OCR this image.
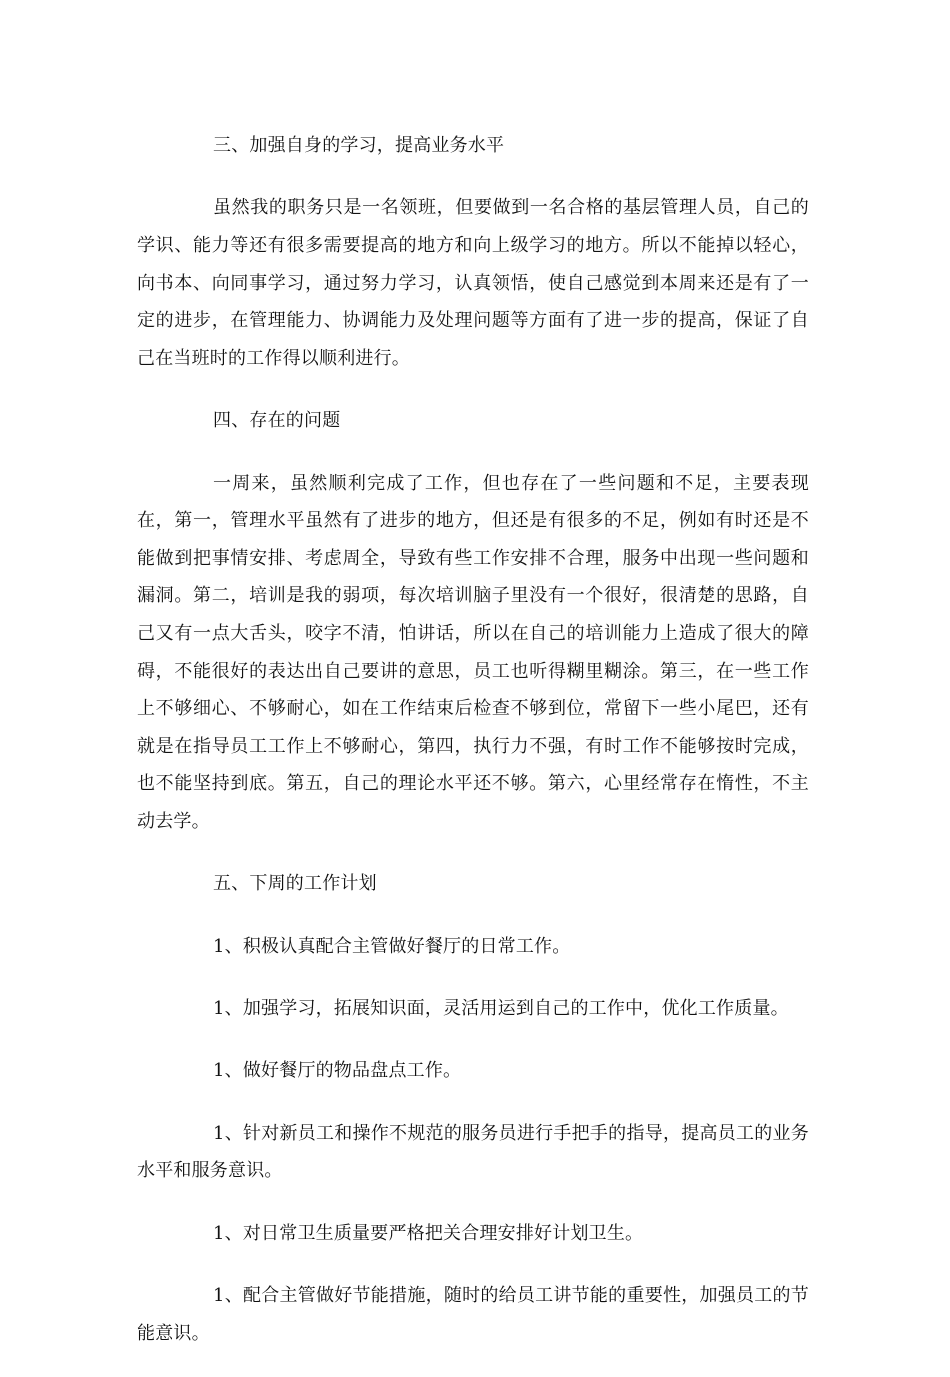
三、加强自身的学习，提高业务水平

虽然我的职务只是一名领班，但要做到一名合格的基层管理人员，自己的学识、能力等还有很多需要提高的地方和向上级学习的地方。所以不能掉以轻心，向书本、向同事学习，通过努力学习，认真领悟，使自己感觉到本周来还是有了一定的进步，在管理能力、协调能力及处理问题等方面有了进一步的提高，保证了自己在当班时的工作得以顺利进行。

四、存在的问题

一周来，虽然顺利完成了工作，但也存在了一些问题和不足，主要表现在，第一，管理水平虽然有了进步的地方，但还是有很多的不足，例如有时还是不能做到把事情安排、考虑周全，导致有些工作安排不合理，服务中出现一些问题和漏洞。第二，培训是我的弱项，每次培训脑子里没有一个很好，很清楚的思路，自己又有一点大舌头，咬字不清，怕讲话，所以在自己的培训能力上造成了很大的障碍，不能很好的表达出自己要讲的意思，员工也听得糊里糊涂。第三，在一些工作上不够细心、不够耐心，如在工作结束后检查不够到位，常留下一些小尾巴，还有就是在指导员工工作上不够耐心，第四，执行力不强，有时工作不能够按时完成，也不能坚持到底。第五，自己的理论水平还不够。第六，心里经常存在惰性，不主动去学。

五、下周的工作计划

1、积极认真配合主管做好餐厅的日常工作。

1、加强学习，拓展知识面，灵活用运到自己的工作中，优化工作质量。

1、做好餐厅的物品盘点工作。

1、针对新员工和操作不规范的服务员进行手把手的指导，提高员工的业务水平和服务意识。

1、对日常卫生质量要严格把关合理安排好计划卫生。

1、配合主管做好节能措施，随时的给员工讲节能的重要性，加强员工的节能意识。
